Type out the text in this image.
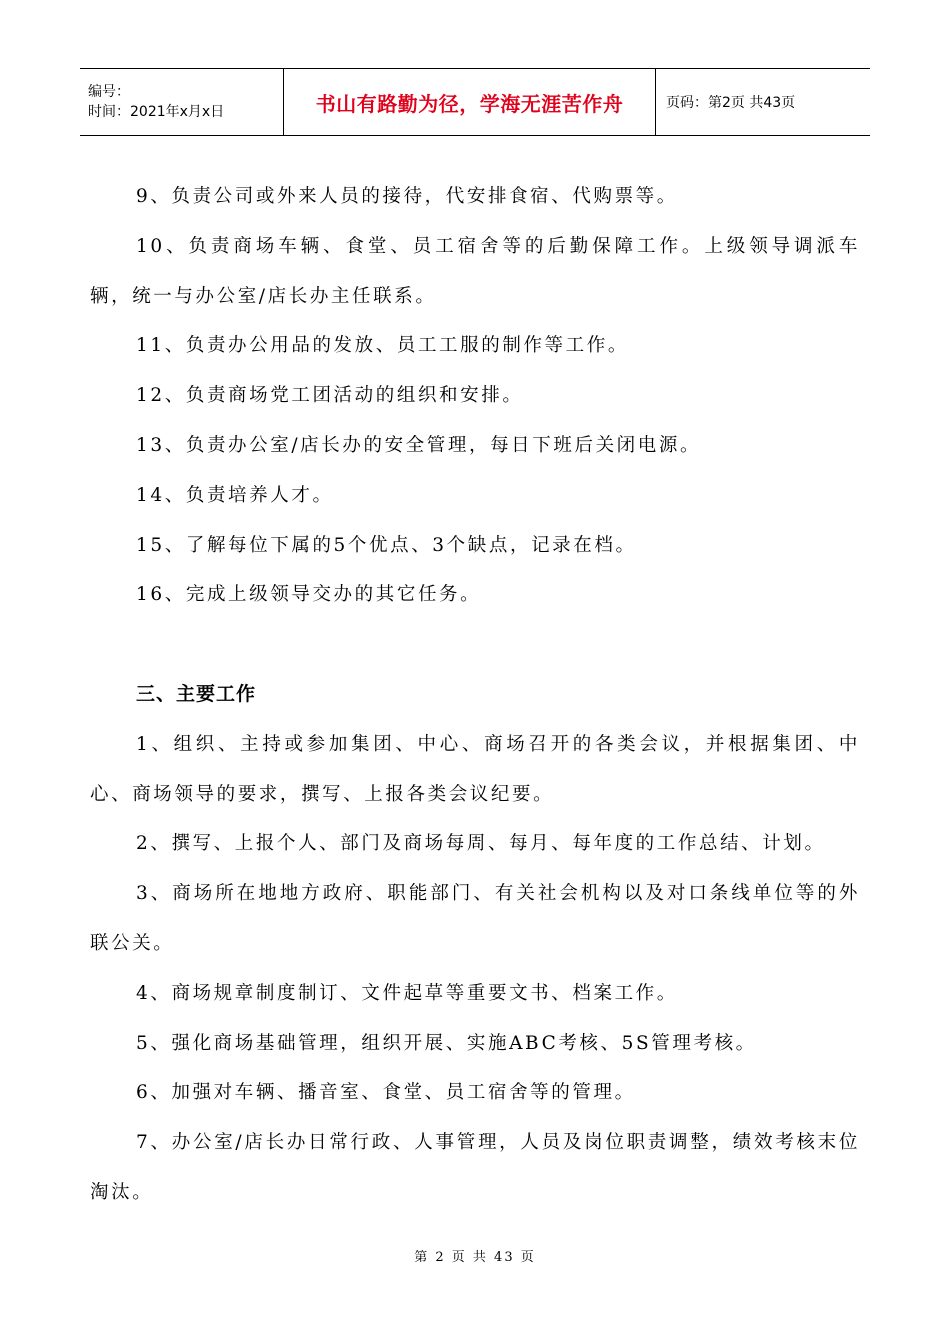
编号：
时间：2021年x月x日	书山有路勤为径，学海无涯苦作舟	页码：第2页 共43页

9、负责公司或外来人员的接待，代安排食宿、代购票等。

10、负责商场车辆、食堂、员工宿舍等的后勤保障工作。上级领导调派车辆，统一与办公室/店长办主任联系。

11、负责办公用品的发放、员工工服的制作等工作。

12、负责商场党工团活动的组织和安排。

13、负责办公室/店长办的安全管理，每日下班后关闭电源。

14、负责培养人才。

15、了解每位下属的5个优点、3个缺点，记录在档。

16、完成上级领导交办的其它任务。

三、主要工作

1、组织、主持或参加集团、中心、商场召开的各类会议，并根据集团、中心、商场领导的要求，撰写、上报各类会议纪要。

2、撰写、上报个人、部门及商场每周、每月、每年度的工作总结、计划。

3、商场所在地地方政府、职能部门、有关社会机构以及对口条线单位等的外联公关。

4、商场规章制度制订、文件起草等重要文书、档案工作。

5、强化商场基础管理，组织开展、实施ABC考核、5S管理考核。

6、加强对车辆、播音室、食堂、员工宿舍等的管理。

7、办公室/店长办日常行政、人事管理，人员及岗位职责调整，绩效考核末位淘汰。

第 2 页 共 43 页
